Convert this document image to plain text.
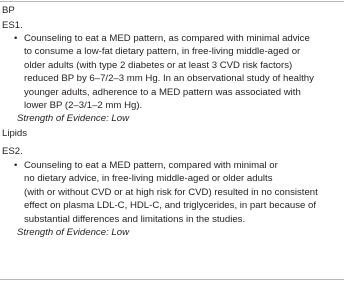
BP
ES1.
• Counseling to eat a MED pattern, as compared with minimal advice
to consume a low-fat dietary pattern, in free-living middle-aged or
older adults (with type 2 diabetes or at least 3 CVD risk factors)
reduced BP by 6–7/2–3 mm Hg. In an observational study of healthy
younger adults, adherence to a MED pattern was associated with
lower BP (2–3/1–2 mm Hg).
Strength of Evidence: Low
Lipids
ES2.
• Counseling to eat a MED pattern, compared with minimal or
no dietary advice, in free-living middle-aged or older adults
(with or without CVD or at high risk for CVD) resulted in no consistent
effect on plasma LDL-C, HDL-C, and triglycerides, in part because of
substantial differences and limitations in the studies.
Strength of Evidence: Low
